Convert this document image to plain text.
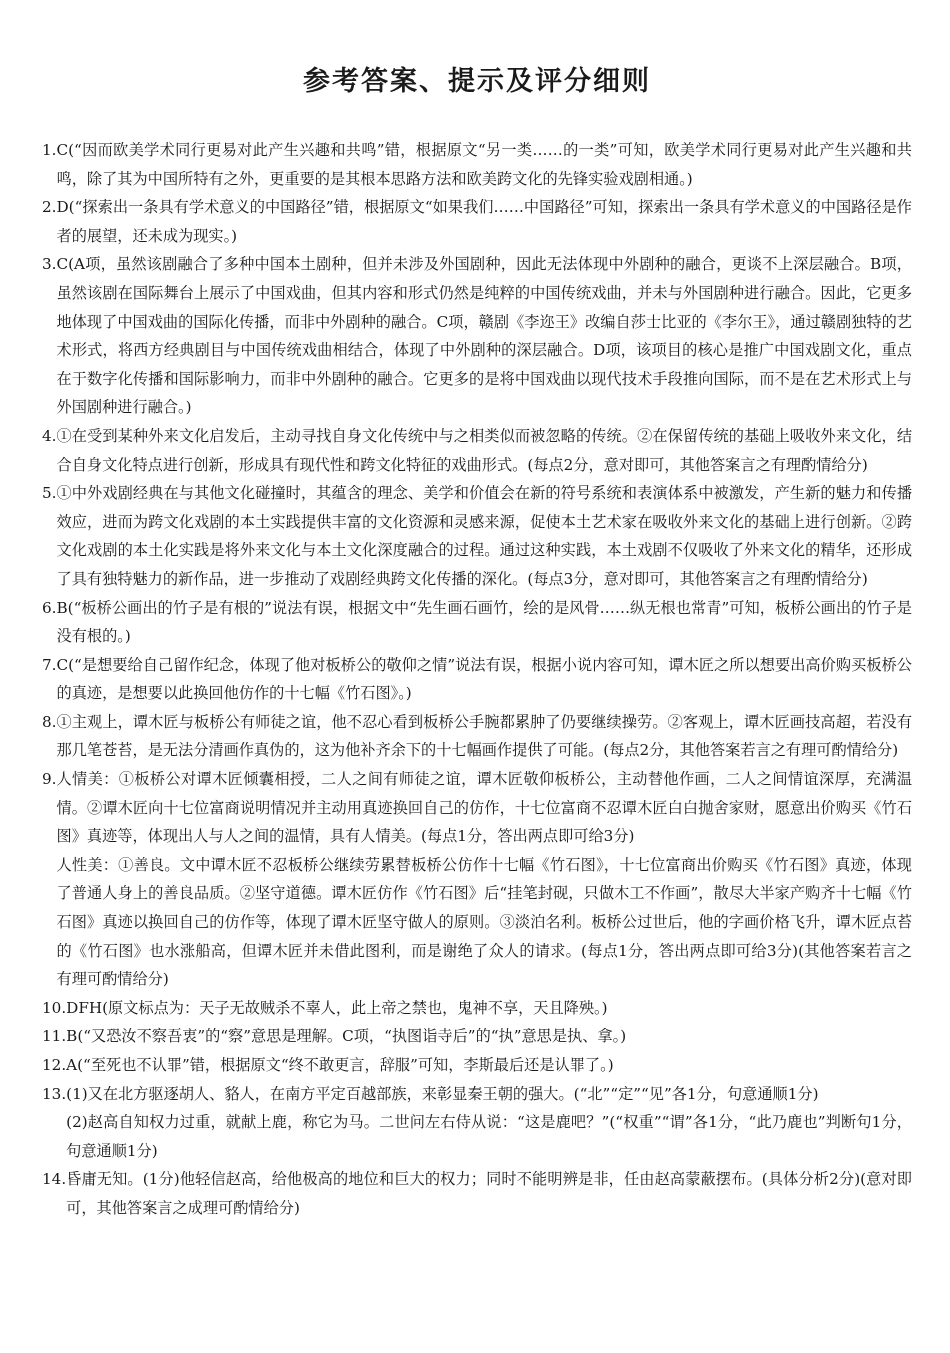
参考答案、提示及评分细则
1. C(“因而欧美学术同行更易对此产生兴趣和共鸣”错，根据原文“另一类……的一类”可知，欧美学术同行更易对此产生兴趣和共鸣，除了其为中国所特有之外，更重要的是其根本思路方法和欧美跨文化的先锋实验戏剧相通。)
2. D(“探索出一条具有学术意义的中国路径”错，根据原文“如果我们……中国路径”可知，探索出一条具有学术意义的中国路径是作者的展望，还未成为现实。)
3. C(A项，虽然该剧融合了多种中国本土剧种，但并未涉及外国剧种，因此无法体现中外剧种的融合，更谈不上深层融合。B项，虽然该剧在国际舞台上展示了中国戏曲，但其内容和形式仍然是纯粹的中国传统戏曲，并未与外国剧种进行融合。因此，它更多地体现了中国戏曲的国际化传播，而非中外剧种的融合。C项，赣剧《李迩王》改编自莎士比亚的《李尔王》，通过赣剧独特的艺术形式，将西方经典剧目与中国传统戏曲相结合，体现了中外剧种的深层融合。D项，该项目的核心是推广中国戏剧文化，重点在于数字化传播和国际影响力，而非中外剧种的融合。它更多的是将中国戏曲以现代技术手段推向国际，而不是在艺术形式上与外国剧种进行融合。)
4. ①在受到某种外来文化启发后，主动寻找自身文化传统中与之相类似而被忽略的传统。②在保留传统的基础上吸收外来文化，结合自身文化特点进行创新，形成具有现代性和跨文化特征的戏曲形式。(每点2分，意对即可，其他答案言之有理酌情给分)
5. ①中外戏剧经典在与其他文化碰撞时，其蕴含的理念、美学和价值会在新的符号系统和表演体系中被激发，产生新的魅力和传播效应，进而为跨文化戏剧的本土实践提供丰富的文化资源和灵感来源，促使本土艺术家在吸收外来文化的基础上进行创新。②跨文化戏剧的本土化实践是将外来文化与本土文化深度融合的过程。通过这种实践，本土戏剧不仅吸收了外来文化的精华，还形成了具有独特魅力的新作品，进一步推动了戏剧经典跨文化传播的深化。(每点3分，意对即可，其他答案言之有理酌情给分)
6. B(“板桥公画出的竹子是有根的”说法有误，根据文中“先生画石画竹，绘的是风骨……纵无根也常青”可知，板桥公画出的竹子是没有根的。)
7. C(“是想要给自己留作纪念，体现了他对板桥公的敬仰之情”说法有误，根据小说内容可知，谭木匠之所以想要出高价购买板桥公的真迹，是想要以此换回他仿作的十七幅《竹石图》。)
8. ①主观上，谭木匠与板桥公有师徒之谊，他不忍心看到板桥公手腕都累肿了仍要继续操劳。②客观上，谭木匠画技高超，若没有那几笔苍苔，是无法分清画作真伪的，这为他补齐余下的十七幅画作提供了可能。(每点2分，其他答案若言之有理可酌情给分)
9. 人情美：①板桥公对谭木匠倾囊相授，二人之间有师徒之谊，谭木匠敬仰板桥公，主动替他作画，二人之间情谊深厚，充满温情。②谭木匠向十七位富商说明情况并主动用真迹换回自己的仿作，十七位富商不忍谭木匠白白抛舍家财，愿意出价购买《竹石图》真迹等，体现出人与人之间的温情，具有人情美。(每点1分，答出两点即可给3分)
人性美：①善良。文中谭木匠不忍板桥公继续劳累替板桥公仿作十七幅《竹石图》，十七位富商出价购买《竹石图》真迹，体现了普通人身上的善良品质。②坚守道德。谭木匠仿作《竹石图》后“挂笔封砚，只做木工不作画”，散尽大半家产购齐十七幅《竹石图》真迹以换回自己的仿作等，体现了谭木匠坚守做人的原则。③淡泊名利。板桥公过世后，他的字画价格飞升，谭木匠点苔的《竹石图》也水涨船高，但谭木匠并未借此图利，而是谢绝了众人的请求。(每点1分，答出两点即可给3分)(其他答案若言之有理可酌情给分)
10. DFH(原文标点为：天子无故贼杀不辜人，此上帝之禁也，鬼神不享，天且降殃。)
11. B(“又恐汝不察吾衷”的“察”意思是理解。C项，“执图诣寺后”的“执”意思是执、拿。)
12. A(“至死也不认罪”错，根据原文“终不敢更言，辞服”可知，李斯最后还是认罪了。)
13. (1)又在北方驱逐胡人、貉人，在南方平定百越部族，来彰显秦王朝的强大。(“北”“定”“见”各1分，句意通顺1分)
(2)赵高自知权力过重，就献上鹿，称它为马。二世问左右侍从说：“这是鹿吧？”(“权重”“谓”各1分，“此乃鹿也”判断句1分，句意通顺1分)
14. 昏庸无知。(1分)他轻信赵高，给他极高的地位和巨大的权力；同时不能明辨是非，任由赵高蒙蔽摆布。(具体分析2分)(意对即可，其他答案言之成理可酌情给分)
